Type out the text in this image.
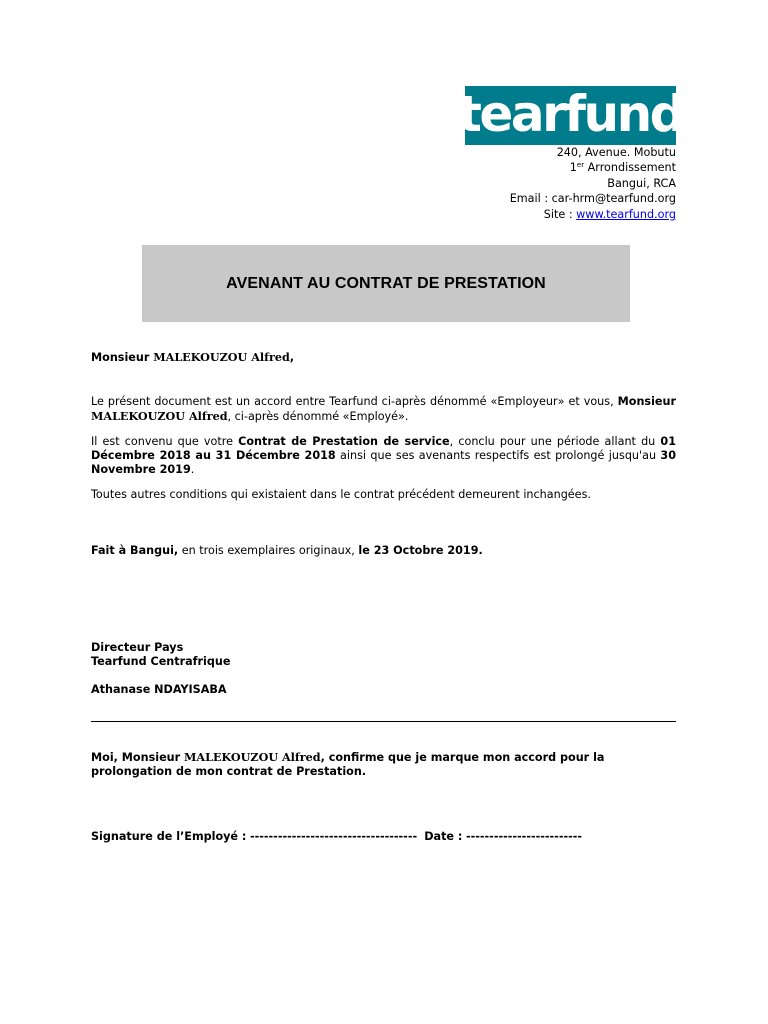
tearfund
240, Avenue. Mobutu
1er Arrondissement
Bangui, RCA
Email : car-hrm@tearfund.org
Site : www.tearfund.org
AVENANT AU CONTRAT DE PRESTATION
Monsieur MALEKOUZOU Alfred,
Le présent document est un accord entre Tearfund ci-après dénommé «Employeur» et vous, Monsieur MALEKOUZOU Alfred, ci-après dénommé «Employé».
Il est convenu que votre Contrat de Prestation de service, conclu pour une période allant du 01 Décembre 2018 au 31 Décembre 2018 ainsi que ses avenants respectifs est prolongé jusqu'au 30 Novembre 2019.
Toutes autres conditions qui existaient dans le contrat précédent demeurent inchangées.
Fait à Bangui, en trois exemplaires originaux, le 23 Octobre 2019.
Directeur Pays
Tearfund Centrafrique
Athanase NDAYISABA
Moi, Monsieur MALEKOUZOU Alfred, confirme que je marque mon accord pour la prolongation de mon contrat de Prestation.
Signature de l’Employé : ------------------------------------ Date : -------------------------
